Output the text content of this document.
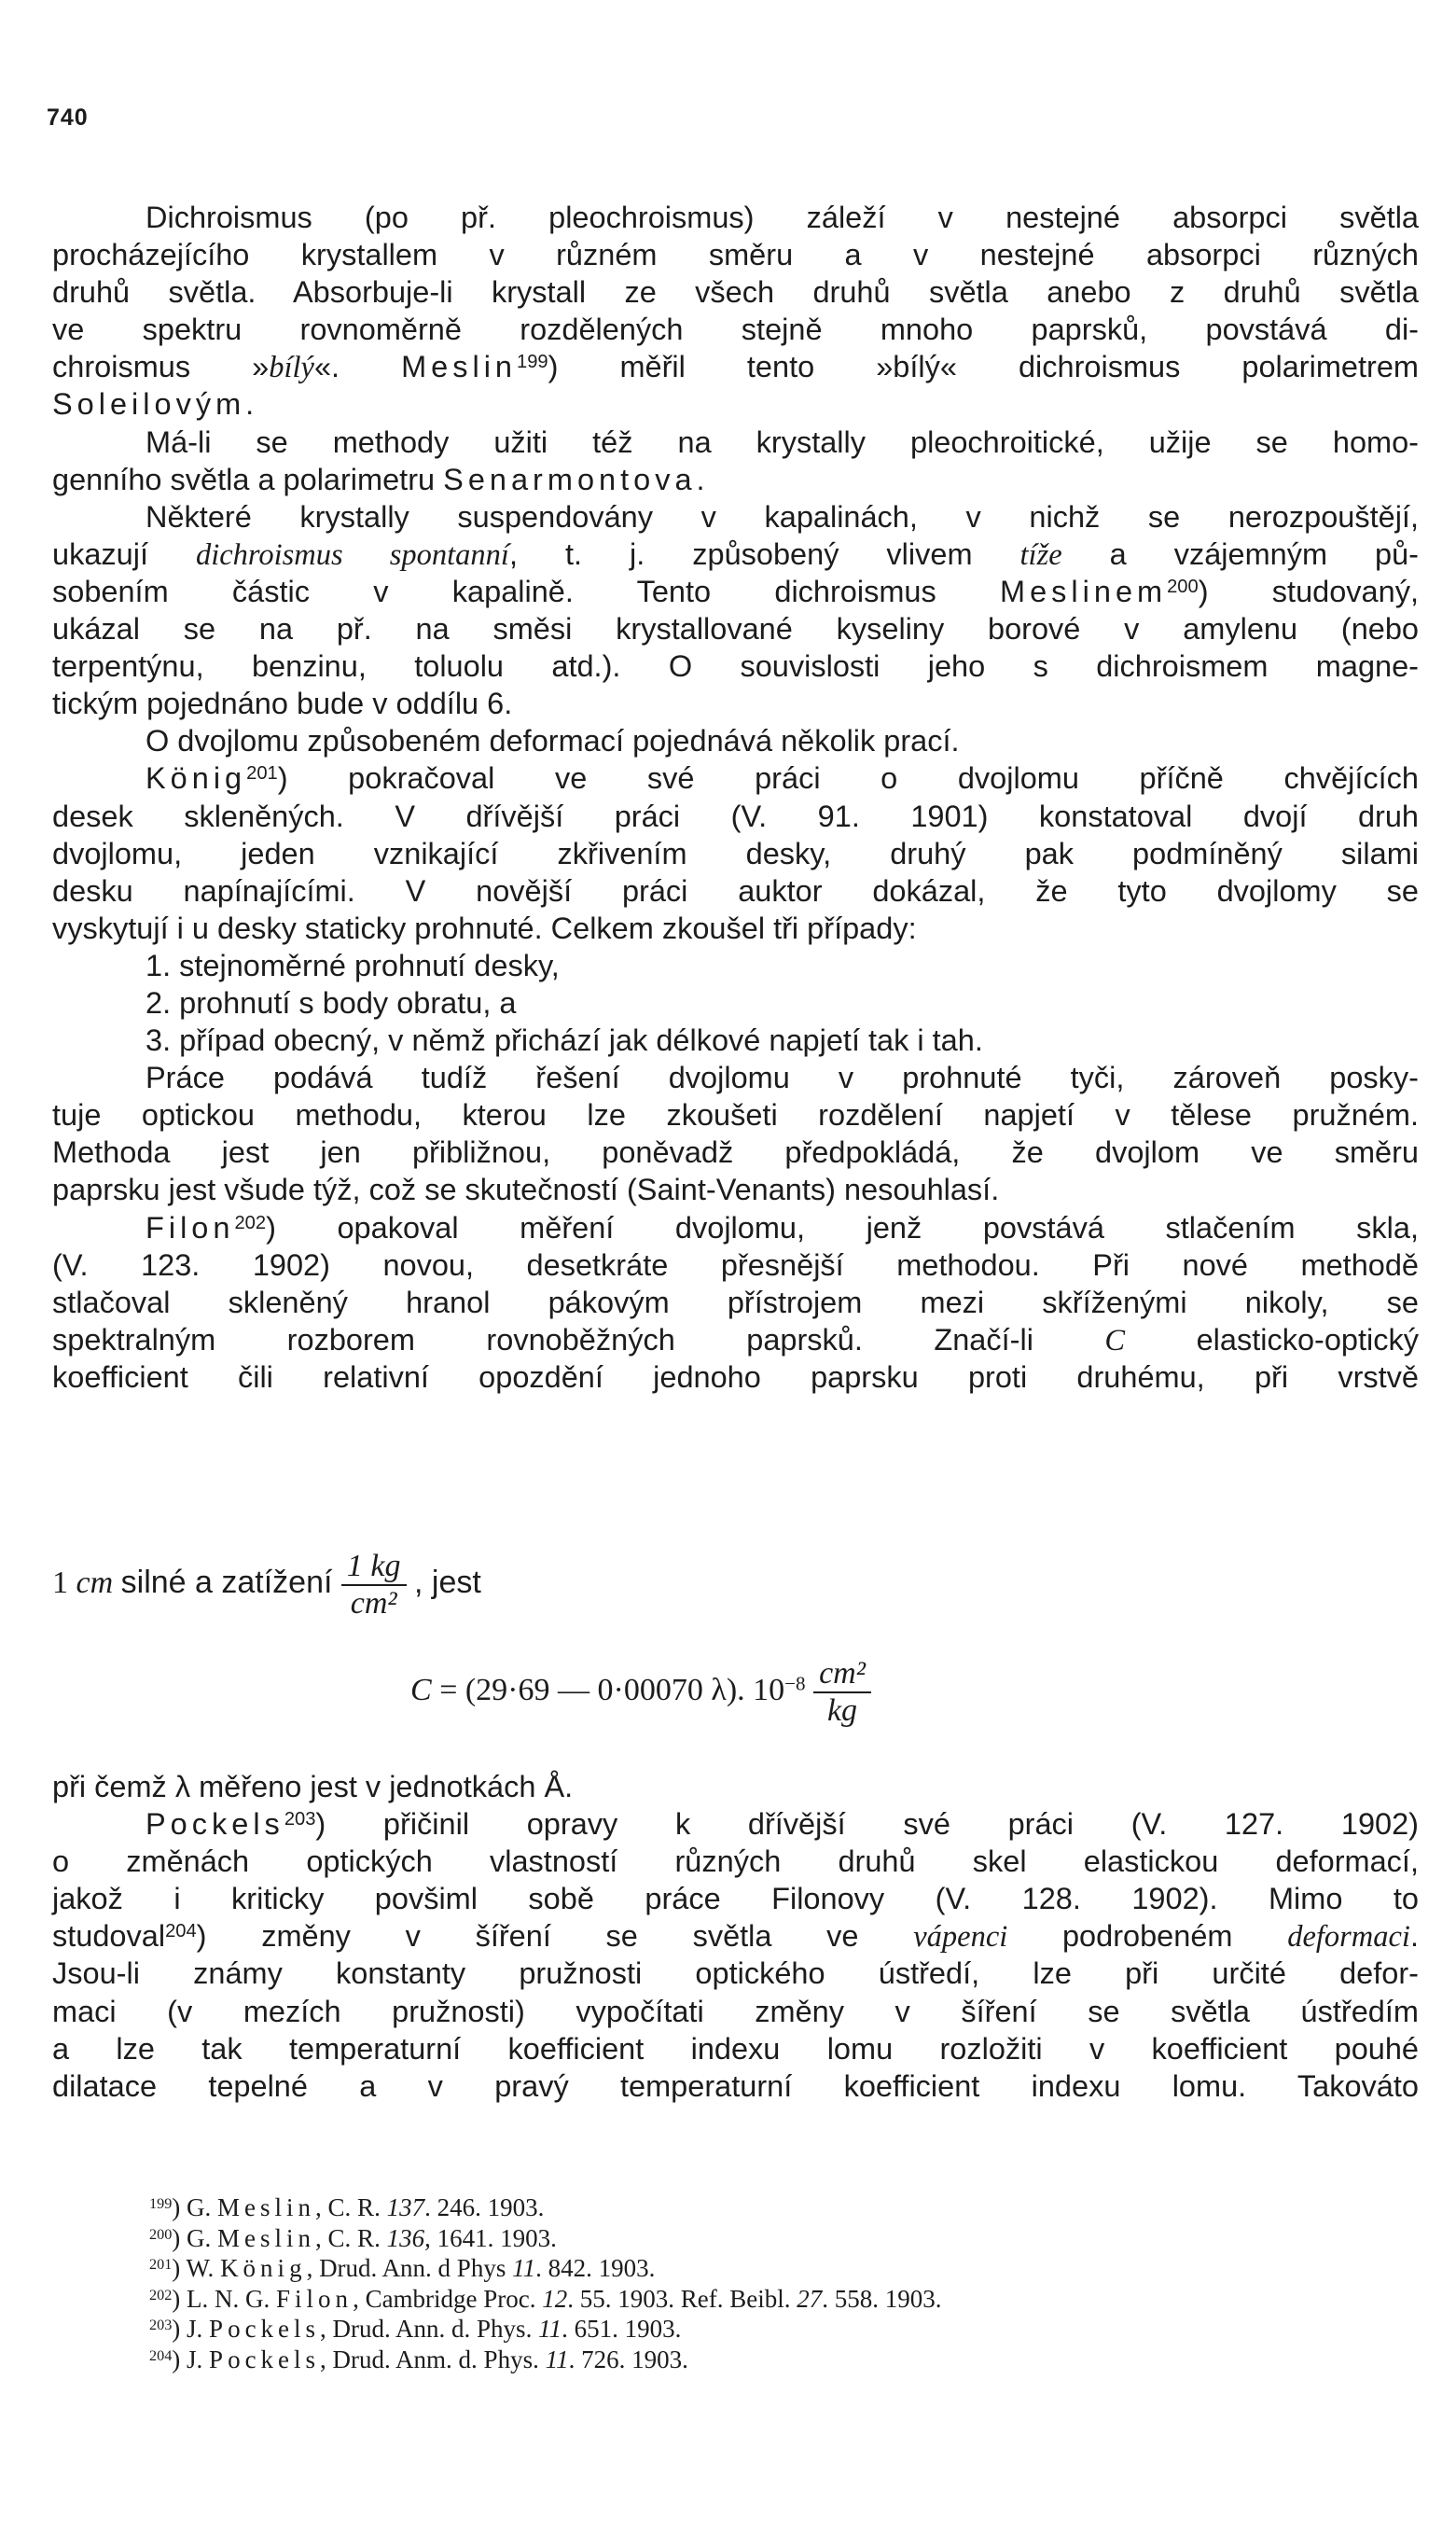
740
Dichroismus (po př. pleochroismus) záleží v nestejné absorpci světla
procházejícího krystallem v různém směru a v nestejné absorpci různých
druhů světla. Absorbuje-li krystall ze všech druhů světla anebo z druhů světla
ve spektru rovnoměrně rozdělených stejně mnoho paprsků, povstává di-
chroismus »bílý«. Meslin$^{199}$) měřil tento »bílý« dichroismus polarimetrem
Soleilovým.
Má-li se methody užiti též na krystally pleochroitické, užije se homo-
genního světla a polarimetru Senarmontova.
Některé krystally suspendovány v kapalinách, v nichž se nerozpouštějí,
ukazují dichroismus spontanní, t. j. způsobený vlivem tíže a vzájemným pů-
sobením částic v kapalině. Tento dichroismus Meslinem$^{200}$) studovaný,
ukázal se na př. na směsi krystallované kyseliny borové v amylenu (nebo
terpentýnu, benzinu, toluolu atd.). O souvislosti jeho s dichroismem magne-
tickým pojednáno bude v oddílu 6.
O dvojlomu způsobeném deformací pojednává několik prací.
König$^{201}$) pokračoval ve své práci o dvojlomu příčně chvějících
desek skleněných. V dřívější práci (V. 91. 1901) konstatoval dvojí druh
dvojlomu, jeden vznikající zkřivením desky, druhý pak podmíněný silami
desku napínajícími. V novější práci auktor dokázal, že tyto dvojlomy se
vyskytují i u desky staticky prohnuté. Celkem zkoušel tři případy:
1. stejnoměrné prohnutí desky,
2. prohnutí s body obratu, a
3. případ obecný, v němž přichází jak délkové napjetí tak i tah.
Práce podává tudíž řešení dvojlomu v prohnuté tyči, zároveň posky-
tuje optickou methodu, kterou lze zkoušeti rozdělení napjetí v tělese pružném.
Methoda jest jen přibližnou, poněvadž předpokládá, že dvojlom ve směru
paprsku jest všude týž, což se skutečností (Saint-Venants) nesouhlasí.
Filon$^{202}$) opakoval měření dvojlomu, jenž povstává stlačením skla,
(V. 123. 1902) novou, desetkráte přesnější methodou. Při nové methodě
stlačoval skleněný hranol pákovým přístrojem mezi skříženými nikoly, se
spektralným rozborem rovnoběžných paprsků. Značí-li C elasticko-optický
koefficient čili relativní opozdění jednoho paprsku proti druhému, při vrstvě
1 cm silné a zatížení $\frac{1 kg}{\text{cm²}}$ , jest
C = (29·69 — 0·00070 λ). $10^{-8} \frac{\text{cm²}}{kg}$
při čemž λ měřeno jest v jednotkách Å.
Pockels$^{203}$) přičinil opravy k dřívější své práci (V. 127. 1902)
o změnách optických vlastností různých druhů skel elastickou deformací,
jakož i kriticky povšiml sobě práce Filonovy (V. 128. 1902). Mimo to
studoval$^{204}$) změny v šíření se světla ve vápenci podrobeném deformaci.
Jsou-li známy konstanty pružnosti optického ústředí, lze při určité defor-
maci (v mezích pružnosti) vypočítati změny v šíření se světla ústředím
a lze tak temperaturní koefficient indexu lomu rozložiti v koefficient pouhé
dilatace tepelné a v pravý temperaturní koefficient indexu lomu. Takováto
$^{199}$) G. Meslin, C. R. 137. 246. 1903.
$^{200}$) G. Meslin, C. R. 136, 1641. 1903.
$^{201}$) W. König, Drud. Ann. d Phys 11. 842. 1903.
$^{202}$) L. N. G. Filon, Cambridge Proc. 12. 55. 1903. Ref. Beibl. 27. 558. 1903.
$^{203}$) J. Pockels, Drud. Ann. d. Phys. 11. 651. 1903.
$^{204}$) J. Pockels, Drud. Anm. d. Phys. 11. 726. 1903.
